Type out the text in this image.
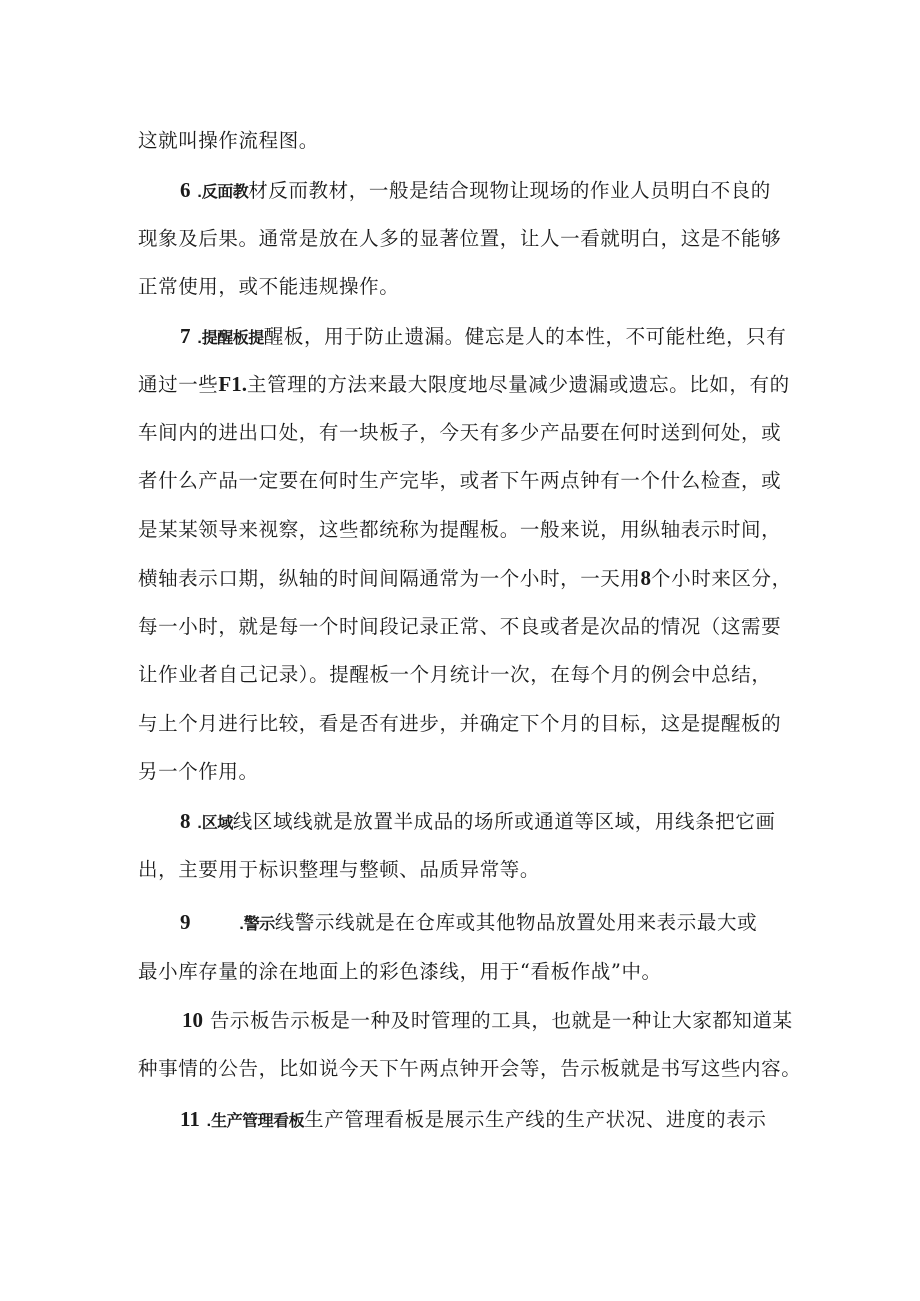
这就叫操作流程图。
6 .反面教材反而教材，一般是结合现物让现场的作业人员明白不良的
现象及后果。通常是放在人多的显著位置，让人一看就明白，这是不能够
正常使用，或不能违规操作。
7 .提醒板提醒板，用于防止遗漏。健忘是人的本性，不可能杜绝，只有
通过一些F1.主管理的方法来最大限度地尽量减少遗漏或遗忘。比如，有的
车间内的进出口处，有一块板子，今天有多少产品要在何时送到何处，或
者什么产品一定要在何时生产完毕，或者下午两点钟有一个什么检查，或
是某某领导来视察，这些都统称为提醒板。一般来说，用纵轴表示时间，
横轴表示口期，纵轴的时间间隔通常为一个小时，一天用8个小时来区分，
每一小时，就是每一个时间段记录正常、不良或者是次品的情况（这需要
让作业者自己记录）。提醒板一个月统计一次，在每个月的例会中总结，
与上个月进行比较，看是否有进步，并确定下个月的目标，这是提醒板的
另一个作用。
8 .区域线区域线就是放置半成品的场所或通道等区域，用线条把它画
出，主要用于标识整理与整顿、品质异常等。
9	.警示线警示线就是在仓库或其他物品放置处用来表示最大或
最小库存量的涂在地面上的彩色漆线，用于“看板作战”中。
10 告示板告示板是一种及时管理的工具，也就是一种让大家都知道某
种事情的公告，比如说今天下午两点钟开会等，告示板就是书写这些内容。
11 .生产管理看板生产管理看板是展示生产线的生产状况、进度的表示
